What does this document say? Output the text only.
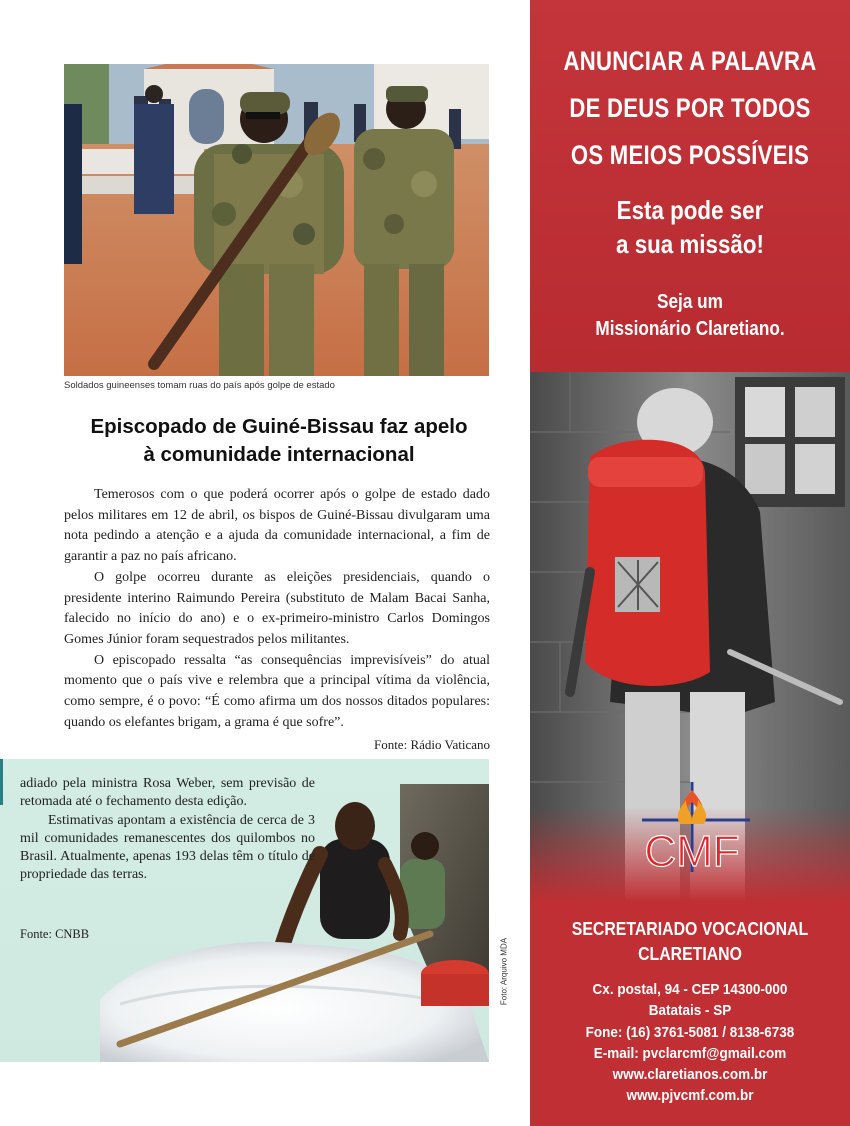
Soldados guineenses tomam ruas do país após golpe de estado
Episcopado de Guiné-Bissau faz apelo
à comunidade internacional

Temerosos com o que poderá ocorrer após o golpe de estado dado pelos militares em 12 de abril, os bispos de Guiné-Bissau divulgaram uma nota pedindo a atenção e a ajuda da comunidade internacional, a fim de garantir a paz no país africano.

O golpe ocorreu durante as eleições presidenciais, quando o presidente interino Raimundo Pereira (substituto de Malam Bacai Sanha, falecido no início do ano) e o ex-primeiro-ministro Carlos Domingos Gomes Júnior foram sequestrados pelos militantes.

O episcopado ressalta “as consequências imprevisíveis” do atual momento que o país vive e relembra que a principal vítima da violência, como sempre, é o povo: “É como afirma um dos nossos ditados populares: quando os elefantes brigam, a grama é que sofre”.

Fonte: Rádio Vaticano

adiado pela ministra Rosa Weber, sem previsão de retomada até o fechamento desta edição.

Estimativas apontam a existência de cerca de 3 mil comunidades remanescentes dos quilombos no Brasil. Atualmente, apenas 193 delas têm o título de propriedade das terras.

Fonte: CNBB
Foto: Arquivo MDA
ANUNCIAR A PALAVRA
DE DEUS POR TODOS
OS MEIOS POSSÍVEIS
Esta pode ser
a sua missão!
Seja um
Missionário Claretiano.
CMF
SECRETARIADO VOCACIONAL
CLARETIANO
Cx. postal, 94 - CEP 14300-000
Batatais - SP
Fone: (16) 3761-5081 / 8138-6738
E-mail: pvclarcmf@gmail.com
www.claretianos.com.br
www.pjvcmf.com.br
